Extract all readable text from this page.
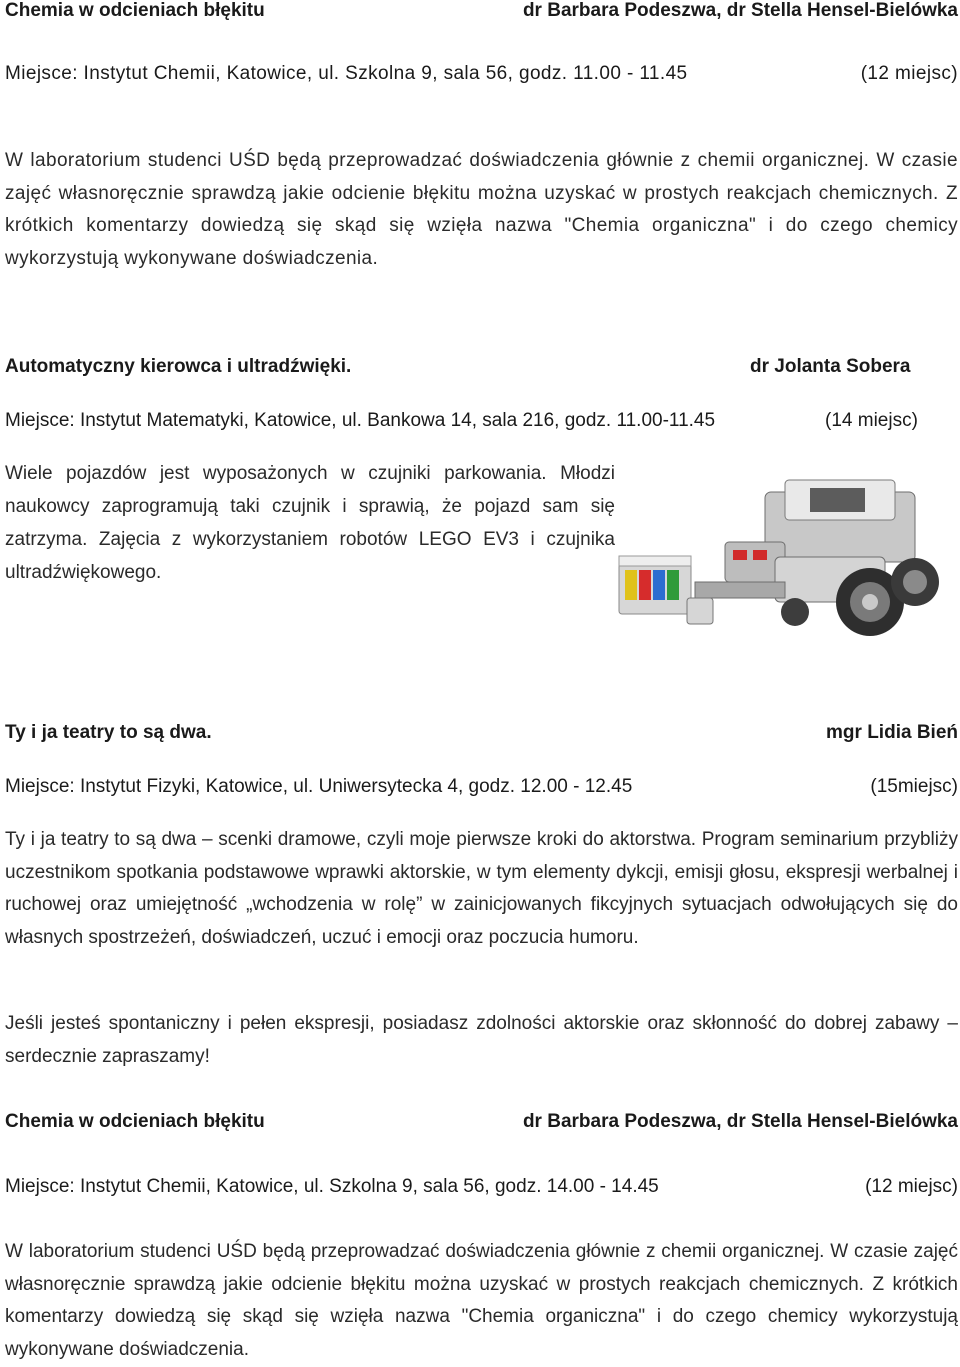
Chemia w odcieniach błękitu	dr Barbara Podeszwa, dr Stella Hensel-Bielówka
Miejsce: Instytut Chemii, Katowice, ul. Szkolna 9, sala 56, godz. 11.00 - 11.45	(12 miejsc)
W laboratorium studenci UŚD będą przeprowadzać doświadczenia głównie z chemii organicznej. W czasie zajęć własnoręcznie sprawdzą jakie odcienie błękitu można uzyskać w prostych reakcjach chemicznych. Z krótkich komentarzy dowiedzą się skąd się wzięła nazwa "Chemia organiczna" i do czego chemicy wykorzystują wykonywane doświadczenia.
Automatyczny kierowca i ultradźwięki.	dr Jolanta Sobera
Miejsce: Instytut Matematyki, Katowice, ul. Bankowa 14, sala 216, godz. 11.00-11.45	(14 miejsc)
Wiele pojazdów jest wyposażonych w czujniki parkowania. Młodzi naukowcy zaprogramują taki czujnik i sprawią, że pojazd sam się zatrzyma. Zajęcia z wykorzystaniem robotów LEGO EV3 i czujnika ultradźwiękowego.
Ty i ja teatry to są dwa.	mgr Lidia Bień
Miejsce: Instytut Fizyki, Katowice, ul. Uniwersytecka 4, godz. 12.00 - 12.45	(15miejsc)
Ty i ja teatry to są dwa – scenki dramowe, czyli moje pierwsze kroki do aktorstwa. Program seminarium przybliży uczestnikom spotkania podstawowe wprawki aktorskie, w tym elementy dykcji, emisji głosu, ekspresji werbalnej i ruchowej oraz umiejętność „wchodzenia w rolę” w zainicjowanych fikcyjnych sytuacjach odwołujących się do własnych spostrzeżeń, doświadczeń, uczuć i emocji oraz poczucia humoru.
Jeśli jesteś spontaniczny i pełen ekspresji, posiadasz zdolności aktorskie oraz skłonność do dobrej zabawy – serdecznie zapraszamy!
Chemia w odcieniach błękitu	dr Barbara Podeszwa, dr Stella Hensel-Bielówka
Miejsce: Instytut Chemii, Katowice, ul. Szkolna 9, sala 56, godz. 14.00 - 14.45	(12 miejsc)
W laboratorium studenci UŚD będą przeprowadzać doświadczenia głównie z chemii organicznej. W czasie zajęć własnoręcznie sprawdzą jakie odcienie błękitu można uzyskać w prostych reakcjach chemicznych. Z krótkich komentarzy dowiedzą się skąd się wzięła nazwa "Chemia organiczna" i do czego chemicy wykorzystują wykonywane doświadczenia.
